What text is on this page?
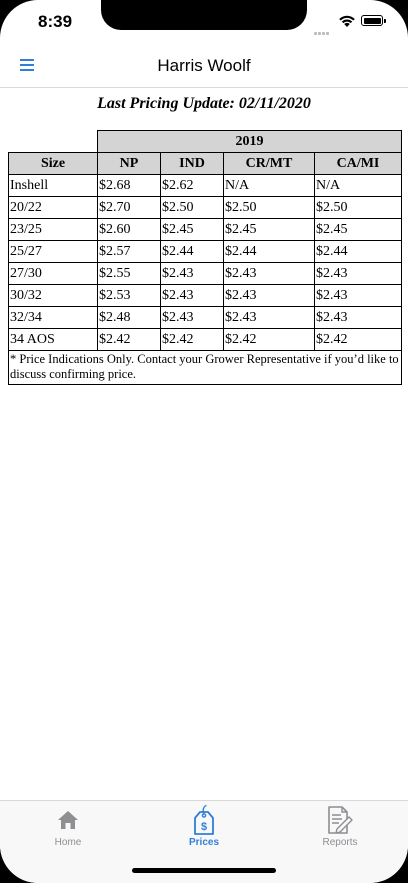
8:39
Harris Woolf
Last Pricing Update: 02/11/2020
	2019			
Size	NP	IND	CR/MT	CA/MI
Inshell	$2.68	$2.62	N/A	N/A
20/22	$2.70	$2.50	$2.50	$2.50
23/25	$2.60	$2.45	$2.45	$2.45
25/27	$2.57	$2.44	$2.44	$2.44
27/30	$2.55	$2.43	$2.43	$2.43
30/32	$2.53	$2.43	$2.43	$2.43
32/34	$2.48	$2.43	$2.43	$2.43
34 AOS	$2.42	$2.42	$2.42	$2.42
* Price Indications Only. Contact your Grower Representative if you’d like to discuss confirming price.				
Home
$
Prices	Reports
